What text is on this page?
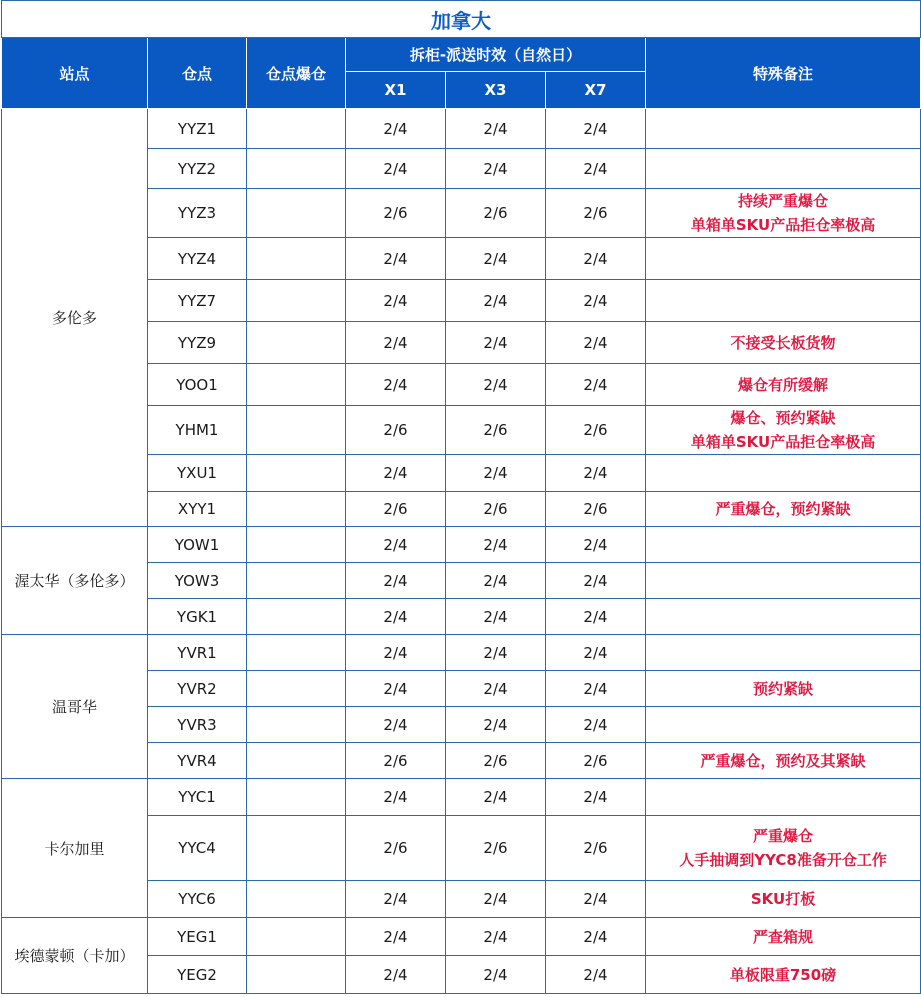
加拿大						
站点	仓点	仓点爆仓	拆柜-派送时效（自然日）			特殊备注
			X1	X3	X7	
多伦多	YYZ1		2/4	2/4	2/4	
	YYZ2		2/4	2/4	2/4	
	YYZ3		2/6	2/6	2/6	持续严重爆仓
单箱单SKU产品拒仓率极高

	YYZ4		2/4	2/4	2/4	
	YYZ7		2/4	2/4	2/4	
	YYZ9		2/4	2/4	2/4	不接受长板货物

	YOO1		2/4	2/4	2/4	爆仓有所缓解

	YHM1		2/6	2/6	2/6	爆仓、预约紧缺
单箱单SKU产品拒仓率极高

	YXU1		2/4	2/4	2/4	
	XYY1		2/6	2/6	2/6	严重爆仓，预约紧缺

渥太华（多伦多）	YOW1		2/4	2/4	2/4	
	YOW3		2/4	2/4	2/4	
	YGK1		2/4	2/4	2/4	
温哥华	YVR1		2/4	2/4	2/4	
	YVR2		2/4	2/4	2/4	预约紧缺

	YVR3		2/4	2/4	2/4	
	YVR4		2/6	2/6	2/6	严重爆仓，预约及其紧缺

卡尔加里	YYC1		2/4	2/4	2/4	
	YYC4		2/6	2/6	2/6	严重爆仓
人手抽调到YYC8准备开仓工作

	YYC6		2/4	2/4	2/4	SKU打板

埃德蒙顿（卡加）	YEG1		2/4	2/4	2/4	严查箱规

	YEG2		2/4	2/4	2/4	单板限重750磅
